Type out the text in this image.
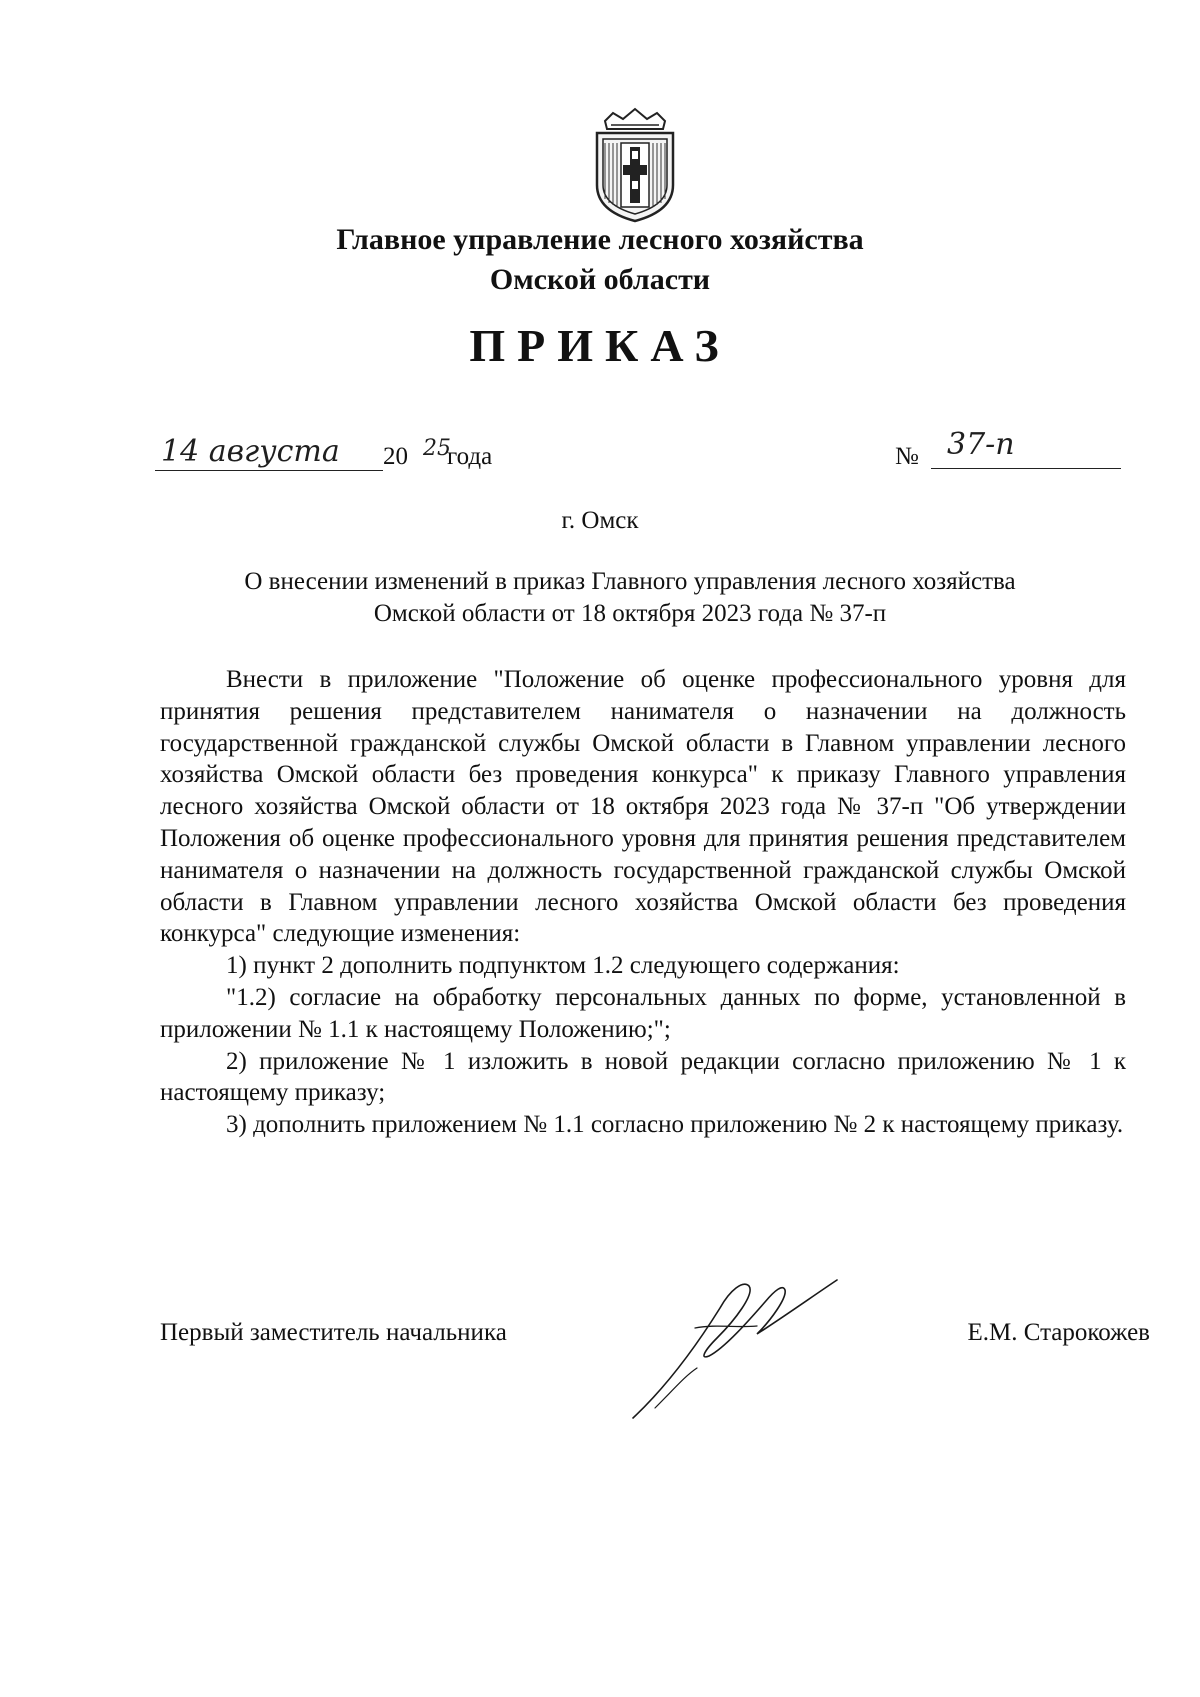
Главное управление лесного хозяйства
Омской области
ПРИКАЗ
14 августа 20 25
года	№ 37-п
г. Омск
О внесении изменений в приказ Главного управления лесного хозяйства
Омской области от 18 октября 2023 года № 37-п

Внести в приложение "Положение об оценке профессионального уровня для принятия решения представителем нанимателя о назначении на должность государственной гражданской службы Омской области в Главном управлении лесного хозяйства Омской области без проведения конкурса" к приказу Главного управления лесного хозяйства Омской области от 18 октября 2023 года № 37-п "Об утверждении Положения об оценке профессионального уровня для принятия решения представителем нанимателя о назначении на должность государственной гражданской службы Омской области в Главном управлении лесного хозяйства Омской области без проведения конкурса" следующие изменения:

1) пункт 2 дополнить подпунктом 1.2 следующего содержания:

"1.2) согласие на обработку персональных данных по форме, установленной в приложении № 1.1 к настоящему Положению;";

2) приложение № 1 изложить в новой редакции согласно приложению № 1 к настоящему приказу;

3) дополнить приложением № 1.1 согласно приложению № 2 к настоящему приказу.

Первый заместитель начальника	Е.М. Старокожев
